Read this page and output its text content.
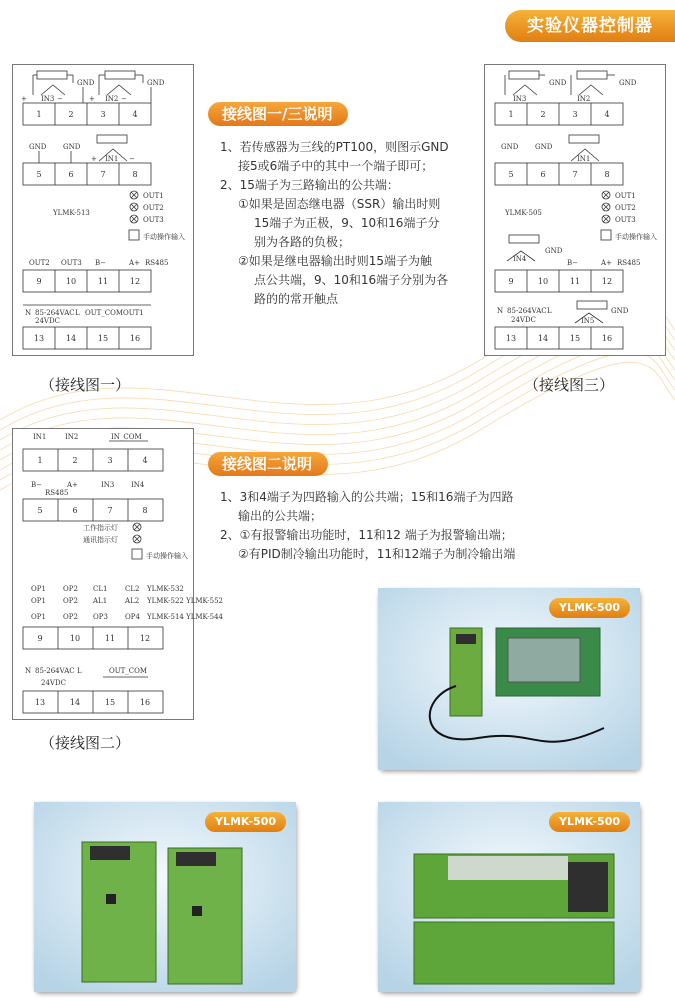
实验仪器控制器
+	−	+	−
IN3	IN2
GND	GND
GND GND
IN1
+	−
OUT1
OUT2
OUT3
手动操作输入
YLMK-513
OUT2 OUT3 B−	A+ RS485
N	L
85-264VAC
24VDC
OUT_COM OUT1
1	2	3	4
5	6	7	8
9	10	11	12
13	14	15	16
（接线图一）
IN3	IN2
GND	GND
GND GND
IN1
OUT1
OUT2
OUT3
手动操作输入
YLMK-505
IN4
GND
B−	A+ RS485
N	L
85-264VAC
24VDC	IN5
GND
1	2	3	4
5	6	7	8
9	10	11	12
13	14	15	16
（接线图三）
接线图一/三说明

1、若传感器为三线的PT100，则图示GND

接5或6端子中的其中一个端子即可；

2、15端子为三路输出的公共端：

①如果是固态继电器（SSR）输出时则

15端子为正极，9、10和16端子分

别为各路的负极；

②如果是继电器输出时则15端子为触

点公共端，9、10和16端子分别为各

路的的常开触点

IN1	IN2	IN_COM
B−	A+
RS485
IN3 IN4
工作指示灯
通讯指示灯
手动操作输入
OP1 OP2 CL1	CL2 YLMK-532
OP1 OP2 AL1	AL2 YLMK-522 YLMK-552
OP1 OP2 OP3 OP4 YLMK-514 YLMK-544
N	L
85-264VAC
24VDC
OUT_COM
1	2	3	4
5	6	7	8
9	10	11	12
13	14	15	16
（接线图二）
接线图二说明

1、3和4端子为四路输入的公共端；15和16端子为四路

输出的公共端；

2、①有报警输出功能时，11和12 端子为报警输出端；

②有PID制冷输出功能时，11和12端子为制冷输出端

YLMK-500
YLMK-500	YLMK-500
